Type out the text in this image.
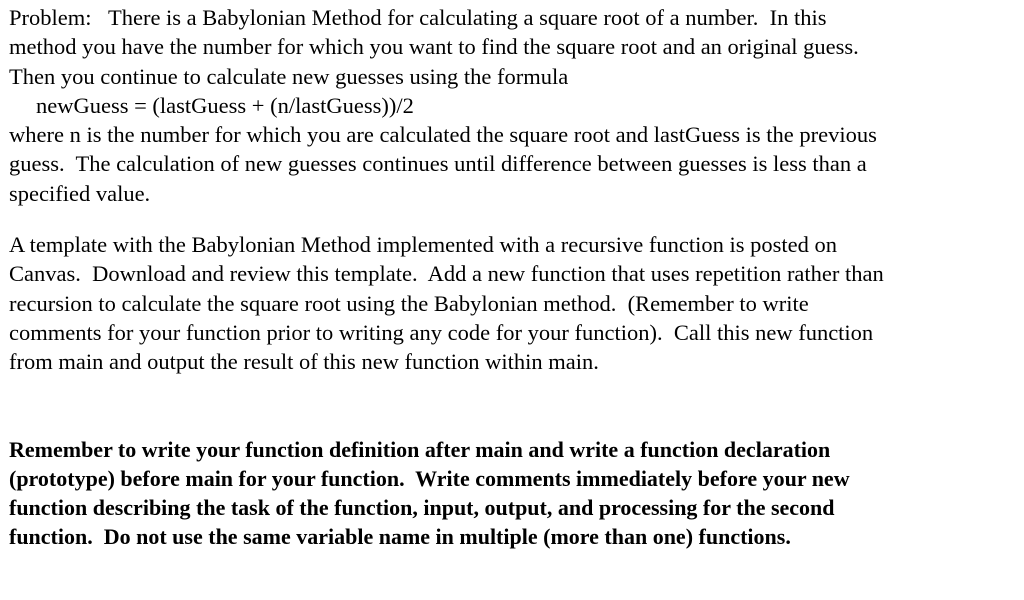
Problem:   There is a Babylonian Method for calculating a square root of a number.  In this
method you have the number for which you want to find the square root and an original guess.
Then you continue to calculate new guesses using the formula
newGuess = (lastGuess + (n/lastGuess))/2
where n is the number for which you are calculated the square root and lastGuess is the previous
guess.  The calculation of new guesses continues until difference between guesses is less than a
specified value.
A template with the Babylonian Method implemented with a recursive function is posted on
Canvas.  Download and review this template.  Add a new function that uses repetition rather than
recursion to calculate the square root using the Babylonian method.  (Remember to write
comments for your function prior to writing any code for your function).  Call this new function
from main and output the result of this new function within main.
Remember to write your function definition after main and write a function declaration
(prototype) before main for your function.  Write comments immediately before your new
function describing the task of the function, input, output, and processing for the second
function.  Do not use the same variable name in multiple (more than one) functions.
